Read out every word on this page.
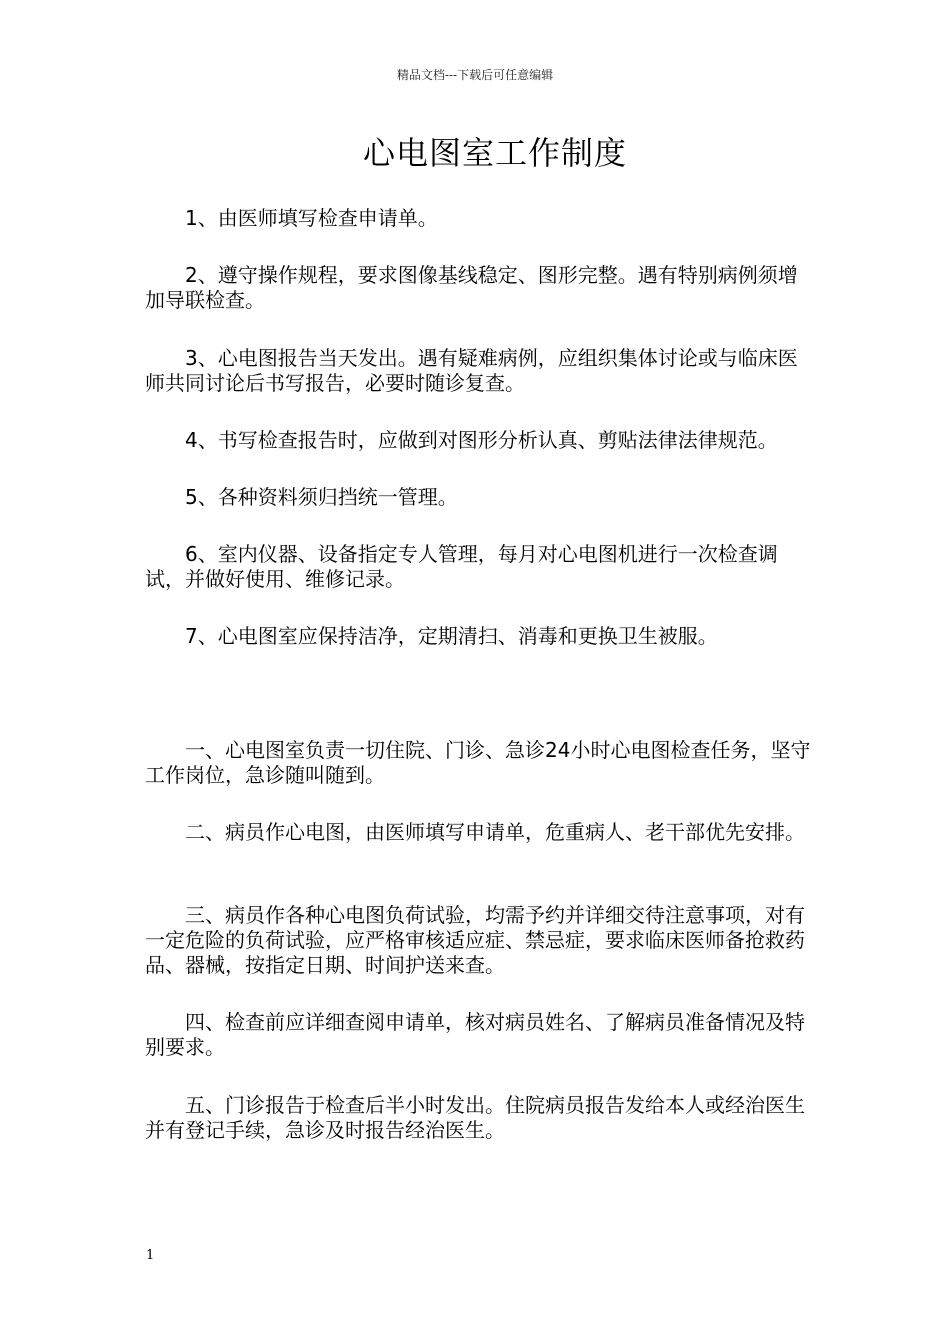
精品文档---下载后可任意编辑
心电图室工作制度

1、由医师填写检查申请单。

2、遵守操作规程，要求图像基线稳定、图形完整。遇有特别病例须增加导联检查。

3、心电图报告当天发出。遇有疑难病例，应组织集体讨论或与临床医师共同讨论后书写报告，必要时随诊复查。

4、书写检查报告时，应做到对图形分析认真、剪贴法律法律规范。

5、各种资料须归挡统一管理。

6、室内仪器、设备指定专人管理，每月对心电图机进行一次检查调试，并做好使用、维修记录。

7、心电图室应保持洁净，定期清扫、消毒和更换卫生被服。

一、心电图室负责一切住院、门诊、急诊24小时心电图检查任务，坚守工作岗位，急诊随叫随到。

二、病员作心电图，由医师填写申请单，危重病人、老干部优先安排。

三、病员作各种心电图负荷试验，均需予约并详细交待注意事项，对有一定危险的负荷试验，应严格审核适应症、禁忌症，要求临床医师备抢救药品、器械，按指定日期、时间护送来查。

四、检查前应详细查阅申请单，核对病员姓名、了解病员准备情况及特别要求。

五、门诊报告于检查后半小时发出。住院病员报告发给本人或经治医生并有登记手续，急诊及时报告经治医生。

1
